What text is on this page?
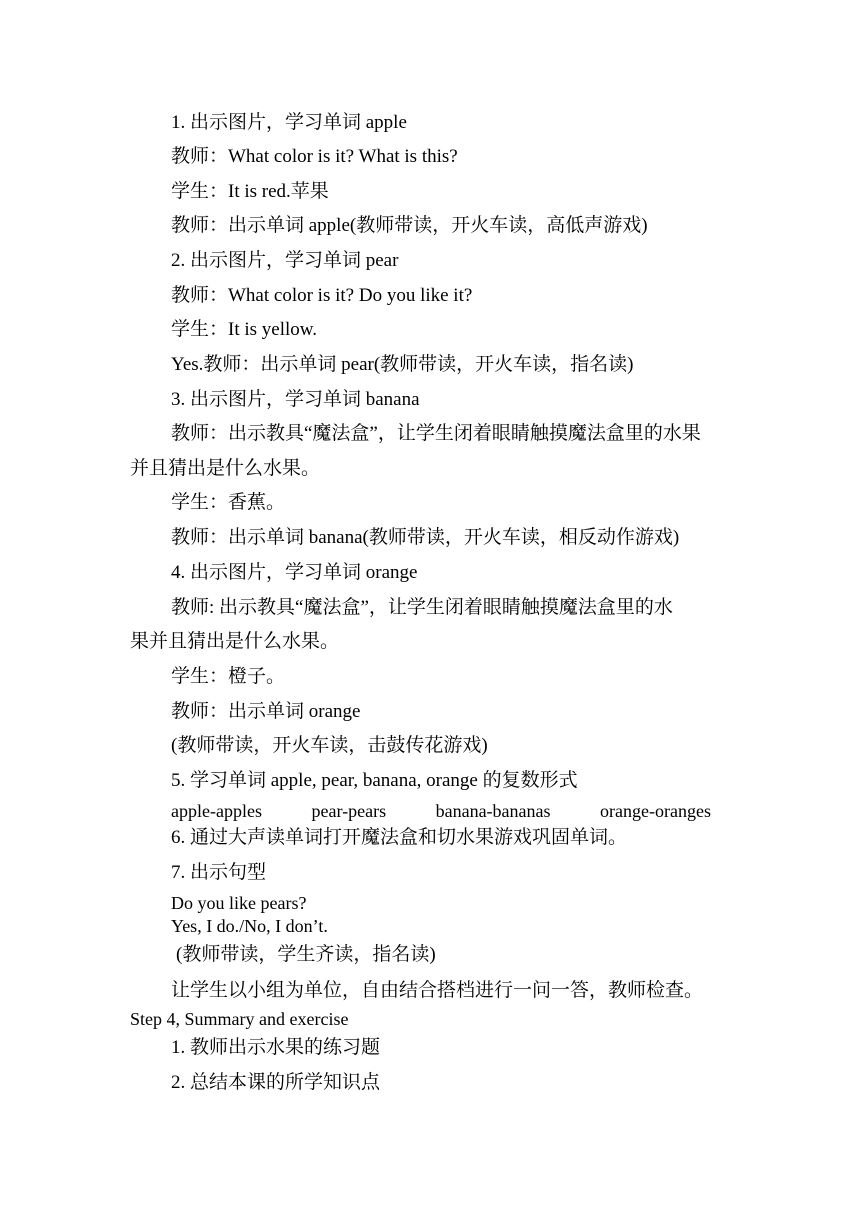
1. 出示图片，学习单词 apple
教师：What color is it? What is this?
学生：It is red.苹果
教师：出示单词 apple(教师带读，开火车读，高低声游戏)
2. 出示图片，学习单词 pear
教师：What color is it? Do you like it?
学生：It is yellow.
Yes.教师：出示单词 pear(教师带读，开火车读，指名读)
3. 出示图片，学习单词 banana
教师：出示教具“魔法盒”，让学生闭着眼睛触摸魔法盒里的水果
并且猜出是什么水果。
学生：香蕉。
教师：出示单词 banana(教师带读，开火车读，相反动作游戏)
4. 出示图片，学习单词 orange
教师: 出示教具“魔法盒”，让学生闭着眼睛触摸魔法盒里的水
果并且猜出是什么水果。
学生：橙子。
教师：出示单词 orange
(教师带读，开火车读，击鼓传花游戏)
5. 学习单词 apple, pear, banana, orange 的复数形式
apple-apples	pear-pears	banana-bananas	orange-oranges
6. 通过大声读单词打开魔法盒和切水果游戏巩固单词。
7. 出示句型
Do you like pears?
Yes, I do./No, I don’t.
(教师带读，学生齐读，指名读)
让学生以小组为单位，自由结合搭档进行一问一答，教师检查。
Step 4, Summary and exercise
1. 教师出示水果的练习题
2. 总结本课的所学知识点
